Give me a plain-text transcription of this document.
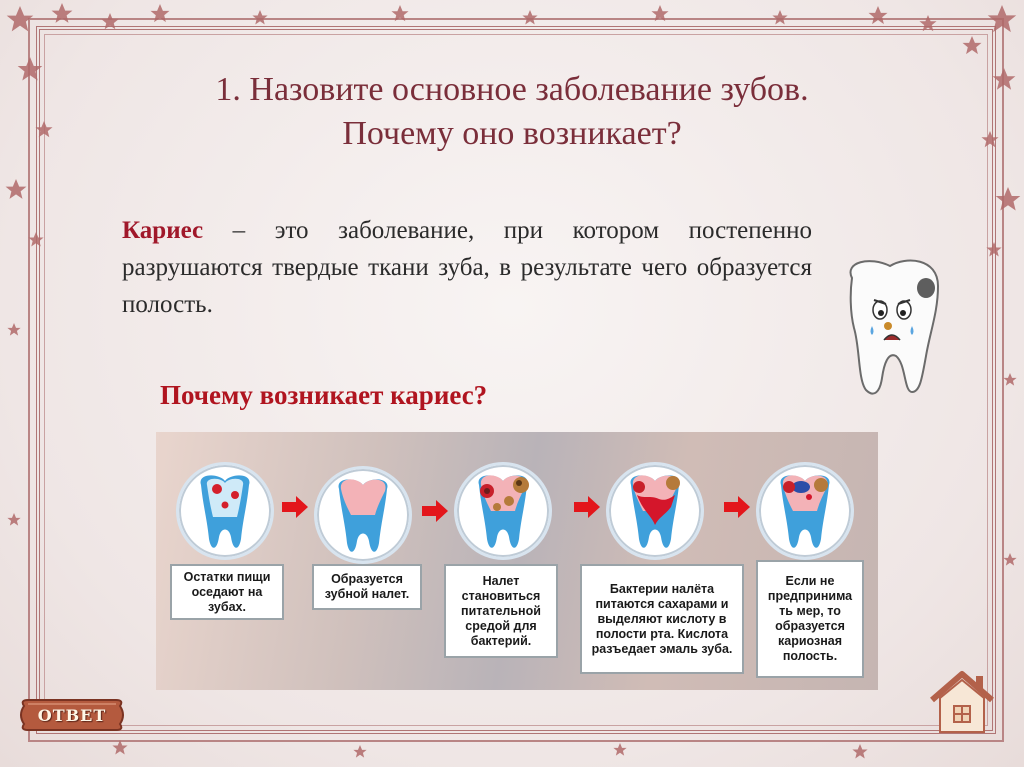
1. Назовите основное заболевание зубов.
Почему оно возникает?
Кариес – это заболевание, при котором постепенно разрушаются твердые ткани зуба, в результате чего образуется полость.
Почему возникает кариес?
Остатки пищи оседают на зубах.
Образуется зубной налет.
Налет становиться питательной средой для бактерий.
Бактерии налёта питаются сахарами и выделяют кислоту в полости рта. Кислота разъедает эмаль зуба.
Если не предпринима ть мер, то образуется кариозная полость.
ОТВЕТ
